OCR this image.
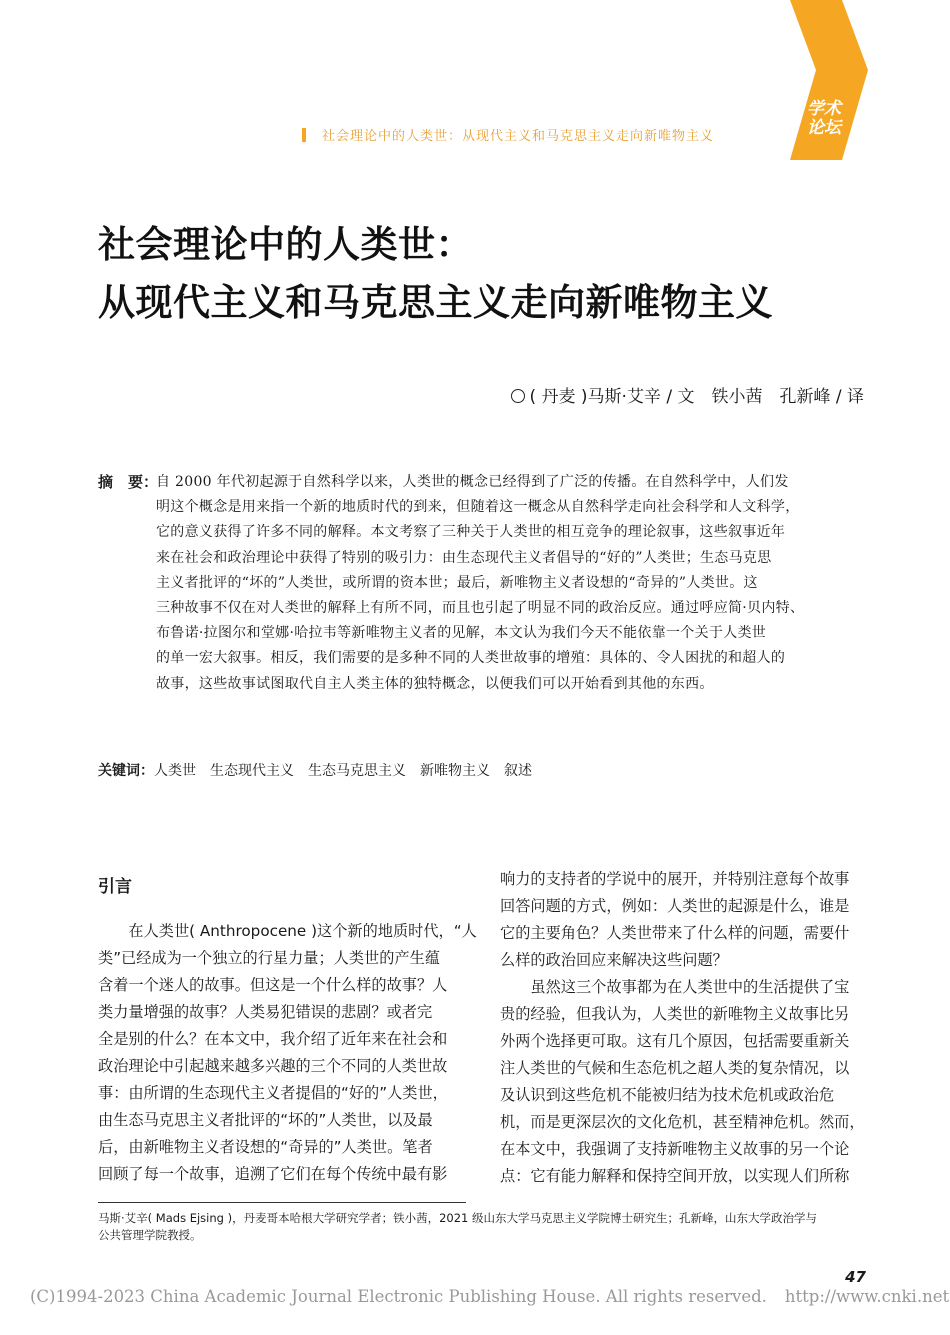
学术
论坛
社会理论中的人类世：从现代主义和马克思主义走向新唯物主义
社会理论中的人类世：
从现代主义和马克思主义走向新唯物主义
( 丹麦 )马斯·艾辛 / 文　铁小茜　孔新峰 / 译
摘　要：
自 2000 年代初起源于自然科学以来，人类世的概念已经得到了广泛的传播。在自然科学中，人们发
明这个概念是用来指一个新的地质时代的到来，但随着这一概念从自然科学走向社会科学和人文科学，
它的意义获得了许多不同的解释。本文考察了三种关于人类世的相互竞争的理论叙事，这些叙事近年
来在社会和政治理论中获得了特别的吸引力：由生态现代主义者倡导的“好的”人类世；生态马克思
主义者批评的“坏的”人类世，或所谓的资本世；最后，新唯物主义者设想的“奇异的”人类世。这
三种故事不仅在对人类世的解释上有所不同，而且也引起了明显不同的政治反应。通过呼应简·贝内特、
布鲁诺·拉图尔和堂娜·哈拉韦等新唯物主义者的见解，本文认为我们今天不能依靠一个关于人类世
的单一宏大叙事。相反，我们需要的是多种不同的人类世故事的增殖：具体的、令人困扰的和超人的
故事，这些故事试图取代自主人类主体的独特概念，以便我们可以开始看到其他的东西。
关键词：人类世　生态现代主义　生态马克思主义　新唯物主义　叙述
引言
　　在人类世( Anthropocene )这个新的地质时代，“人
类”已经成为一个独立的行星力量；人类世的产生蕴
含着一个迷人的故事。但这是一个什么样的故事？人
类力量增强的故事？人类易犯错误的悲剧？或者完
全是别的什么？在本文中，我介绍了近年来在社会和
政治理论中引起越来越多兴趣的三个不同的人类世故
事：由所谓的生态现代主义者提倡的“好的”人类世，
由生态马克思主义者批评的“坏的”人类世，以及最
后，由新唯物主义者设想的“奇异的”人类世。笔者
回顾了每一个故事，追溯了它们在每个传统中最有影
响力的支持者的学说中的展开，并特别注意每个故事
回答问题的方式，例如：人类世的起源是什么，谁是
它的主要角色？人类世带来了什么样的问题，需要什
么样的政治回应来解决这些问题？
　　虽然这三个故事都为在人类世中的生活提供了宝
贵的经验，但我认为，人类世的新唯物主义故事比另
外两个选择更可取。这有几个原因，包括需要重新关
注人类世的气候和生态危机之超人类的复杂情况，以
及认识到这些危机不能被归结为技术危机或政治危
机，而是更深层次的文化危机，甚至精神危机。然而，
在本文中，我强调了支持新唯物主义故事的另一个论
点：它有能力解释和保持空间开放，以实现人们所称
马斯·艾辛( Mads Ejsing )，丹麦哥本哈根大学研究学者；铁小茜，2021 级山东大学马克思主义学院博士研究生；孔新峰，山东大学政治学与
公共管理学院教授。
47
(C)1994-2023 China Academic Journal Electronic Publishing House. All rights reserved. http://www.cnki.net
